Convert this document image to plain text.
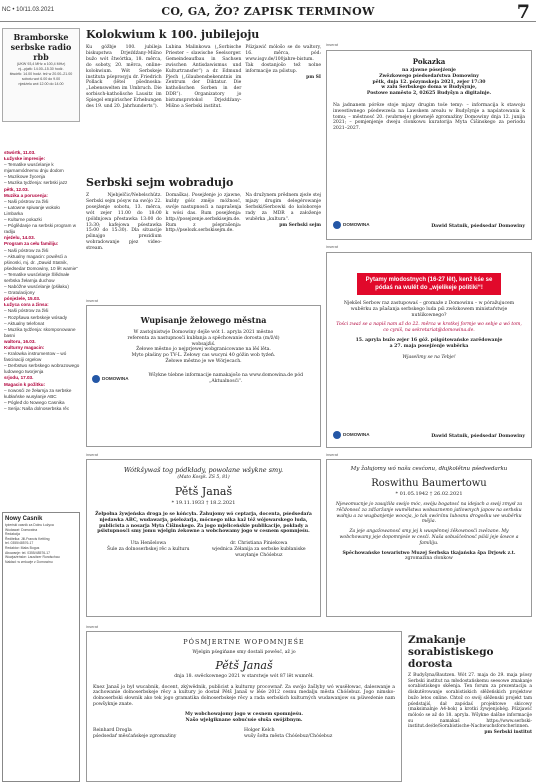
NC • 10/11.03.2021	CO, GA, ŽO? ZAPISK TERMINOW	7
Bramborske serbske radio rbb
(UKW 93,4 MHz a 100,4 MHz)
nj.–pjatk: 14.00–15.30 hodź.
štwórtk: 14.00 hodź. tež w 20.00–21.00
sobotu wot 6.00 do 9.00
njedźelu wot 12.00 do 14.00
stwórtk, 11.03.
Łužyske impresije:
– Tematike wusćelanje k mjarnamódnemu dnju dodom
– Muzikowe žycenja
– Muzika tydźenja: serbski jazz
pětk, 12.03.
Muzika a porucenja:
– Naši póstrow za žiśi
– Łatowne spiwanje wokoło Limbarka
– Kulturne pokazki
– Póglědanje na serbski program w radiju
njeźelu, 14.03.
Program za cełu familiju:
– Naši póstrow za žiśi
– Aktualny magacin: powěsći a pśinoski, mj. dr. „Dawid Statnik, pśedsedar Domowiny, 10 lět wamie“
– Tematike wusćelanje Šlědnałe serbska žełarnja duchow
– Nabóžne wusćelanje (pśiłaku)
– Gratulacijony
pónjeźele, 15.03.
Łužyca cora a źinsa:
– Naši póstrow za žiśi
– Rozpšawa serbskeje wósady
– Aktualny telefonat
– Muzika tydźenja: skomponowane basni
waltoru, 16.03.
Kulturny magacin:
– Kralowka instrumentow – wó fascinaciji orgelow
– Derbstwo serbskego wobrazowego ludowego tworjenja
srjodu, 17.03.
Magacin k požitku:
– nowosći ze žełarnja za serbske kubłańske wusyłanje ABC
– Pógleđ do Nowego Casnika
– Serija: Naša dolnoserbska rěc
Nowy Casnik
tyźeński casnik za Dolnu Łužyca
Wudawaŕ: Domowina
Redakcija
Ředitelka: Jill-Francis Kettling
tel. 0355/48576-17
Redaktor: Maks Bogus
Abowanje: tel. 0355/48576-17
Wuwjaźeńske: Lausitzer Rundschau
Nakład: w zmluwje z Domowinu
Kolokwium k 100. jubilejoju
Ku góžbje 100. jubileja biskupstwa Drjeźdźany-Mišno bužo wót štwórtka, 18. měrca, do soboty, 20. měrca, online-kolokwium. Wót Serbskeje instituta pśeprosyju dr. Friedrich Pollack (lětel pšednoska: „Lebenswelten im Umbruch. Die sorbisch-katholische Lausitz im Spiegel empirischer Erhebungen des 19. und 20. Jahrhunderts“).
Lubina Malinkowa („Sorbische Priester – slawische Seelsorger. Gemeindeaufbau in Sachsen zwischen Antisdawismus und Kulturtransfer“) a dr. Edmund Pjech („Glaubensbekenntnis im Zentrum der Diktatur. Die katholischen Sorben in der DDR“). Organizatory jo bistumsprotokol Drjeźdźany-Mišno a Serbski institut.
Pśizjawić mólošo se do waltory, 16. měrca, pód: www.isgv.de/100jahre-bistum. Tak dostanjošo tež nolne informacije za pśistup.

pm SI
Serbski sejm wobradujo
Z Njebjelčic/Nebelschütz. Serbski sejm pósyw na swójo 22. posejźenje sobotu, 13. měrca, wót zejer 11.00 do 18:00 (póldnjowa přestawka 13:00 do 13:30; kafejowa pśestawka 15:00 do 15:30). Dla situacije pśinajgo prezidium wobradowanje pjez video-stream.
Domaška). Posejźenje jo zjawne, kuždy góśc změjo móžnosć, swóje nastupnosći a naprašenja k wósi das. Rum posejźenja: http://posejzenje.serbskisejm.de. Rum z pśeprašenja: http://pselozk.serbskisejm.de.
Na družynem prědnem zjeźe stej mjazy drugim delegérowanje Serbski/Serbowki do koloboreje rady za MDR a załoženje wubërka „kultura“.

pm Serbski sejm
inserat
Wupisanje žełowego městna
W zastojnistwje Domowiny dejše wót 1. apryla 2021 městno
referenta za nastupnosći kubłanja a spěchowanie dorosta (m/ž/d)
wobsajźiś.
Žełowe městno jo nejprjewej wobgranicowane na lěś lěta.
Myto płaśiny po TV-L. Žełowy cas wucyni 40 góžin wob tyźeń.
Žełowe městno je we Wórjecach.
DOMOWINA
Wšykne tśebne informacije namakajošo na www.domowina.de pód „Aktualnosći“.
inserat
Pokazka
na zjawne pósejźenje
Zwězkowego pśedsedaŕstwa Domowiny
pětk, dnja 12. pózymskeja 2021, zejer 17:30
w zalu Serbskego doma w Budyšynje,
Postowe naměsto 2, 02625 Budyšyn a digitalnje.
Na jadnanem pórěze stoje mjazy drugim tośe temy: – informacija k stawoju inwestiwnego pśedewześa na Lawskem arealu w Budyšynje a napśatowania k tomu; – městnosć 20. (wubrneje) głownejě zgromaźiny Domowiny dnja 12. junija 2021; – pomjenjenje dweju clonkowu kuratorija Myta Ćišinskego za periodu 2021–2027.
DOMOWINA	Dawid Statnik, pśedsedaŕ Domowiny
inserat
Pytamy młodostnych (16-27 lět), kenž kśe se pódaś na wulět do „wjelikeje politiki“!
Njekšel Serbow raz zastupowaś – gromaźe z Domowinu – w póražujucem wubërku za pšašanja serbskego luda pśi zwězkowem ministaŕstwje nutśikownego?
Tości zwaź se a napiš nam až do 22. měrca w krotkej formje wo sebje a wó tom, co cyniš, na sekretariat@domowina.de.
15. apryla bužo zejer 16 góž. pśigótowańske zarědowanje
a 27. maja posejźenje wubërka
Wjaselimy se na Tebje!
DOMOWINA	Dawid Statnik, pśedsedaŕ Domowiny
inserat
Wótkšywaš tog pódkłady, powolane wšykne smy.
(Mato Kosyk. ZS 5, 81)
Pětš Janaš
* 19.11.1933 † 18.2.2021
Žełpołna žywjeńska droga jo se kóńcyła. Žahujomy wó ceptarja, docenta, pśedsedaŕa njedawka ABC, wudawarja, pśelożaŕja, mócnego nika kaž též wójowarskego luda, publicista a nosarja Myta Ćišinskego. Za jogo mjeliceńskie publikacije, pokłady a pśistupnosći smy jomu wjelgin źekowne a wobchowamy jogo w cesnem spomnjeśu.
Uta Henšelowa
Šule za dolnoserbskej rěc a kulturu
dr. Christiana Piniekowa
wjednica Zéłanija za serbske kubłaniske wusyłanje Chóśebuz
inserat
My žałujomy wó našu cesćonu, dłujkolětnu pśedsedarku
Roswithu Baumertowu
* 01.05.1942 † 26.02.2021
Njewomucnje jo zasajźiła swójo móc, swóju bogatosć na idejach a swój zmysł za rěčdonosć za zdžaržanje wumělstwa wobsaznemn jatlownych japow na serbsku wałnju a za wugbanjenje woocja, jo tak swórśnu lubosnu drogośku we wubërku mějia.
Za jeje angažowanosć smy jej k wuspěnnej źěkownosći zwězane. My wobchowamy jeje dopomnjeśe w cesći. Naša sobuśćeśnosć pśiśi jeje šowce a familiju.
Spěchowańske towaristwo Muzej Serbska tkajańska špa Drjowk z.t.
zgromaźina cłonkow
inserat
PÓSMJERTNE WOPOMNJEŚE
Wjelgin pśegińane smy dostali powěsć, až jo
Pětš Janaš
dnja 18. swěckownego 2021 w starstwje wót 87 lět wumrěł.
Knez Janaš jo był wucabnik, docent, zkýwědnik, publicist a kulturny procownař. Za swójo žašlyby wó wusěłowac, daleswanje a zachowanie dolnoserbskeje rěcy a kultury jo dostał Pětš Janaš w lěśe 2012 cesnu medalju města Chóśebuz. Jogo nimsko-dolnoserbski słownik ako tek jogo gramatika dolnoserbskeje rěcy a rada serbskich kulturných wudawanjow su pśiweźenie nam powšyknje znate.
My wobchowajomy jogo w cesnem spomnjeśu.
Našo wjelgiknane sobućuśe słuša swójźbnym.
Reinhard Drogla
pśedsedaŕ měsćańskeje zgromaźiny
Holger Kelch
wušy šołta města Chóśebuz/Chóśebuz
Zmakanje sorabistiskego dorosta
Z Budyšyna/Bautzen. Wót 27. maja do 29. maja pśosy Serbski institut na młodostańskemu seesowe zmakanje sorabistiskego skěenja. Ten forum za prezentaciju a diskutěrowanje sorabistiskich słěžeńskich projektow bužo letos online. Chtož co swój slěženski projekt tam pśedstajiś, dał zapódaś projektowe skicowy (maksimalnje A4-bok) a krotki žywjenjobég. Pśizjawić mólośo se až do 18. apryla. Wšykne dalšne informacije su namakaś https://www.serbski-institut.de/de/Sorabistische-Nachwuchsforscherinnen.
pm Serbski institut
